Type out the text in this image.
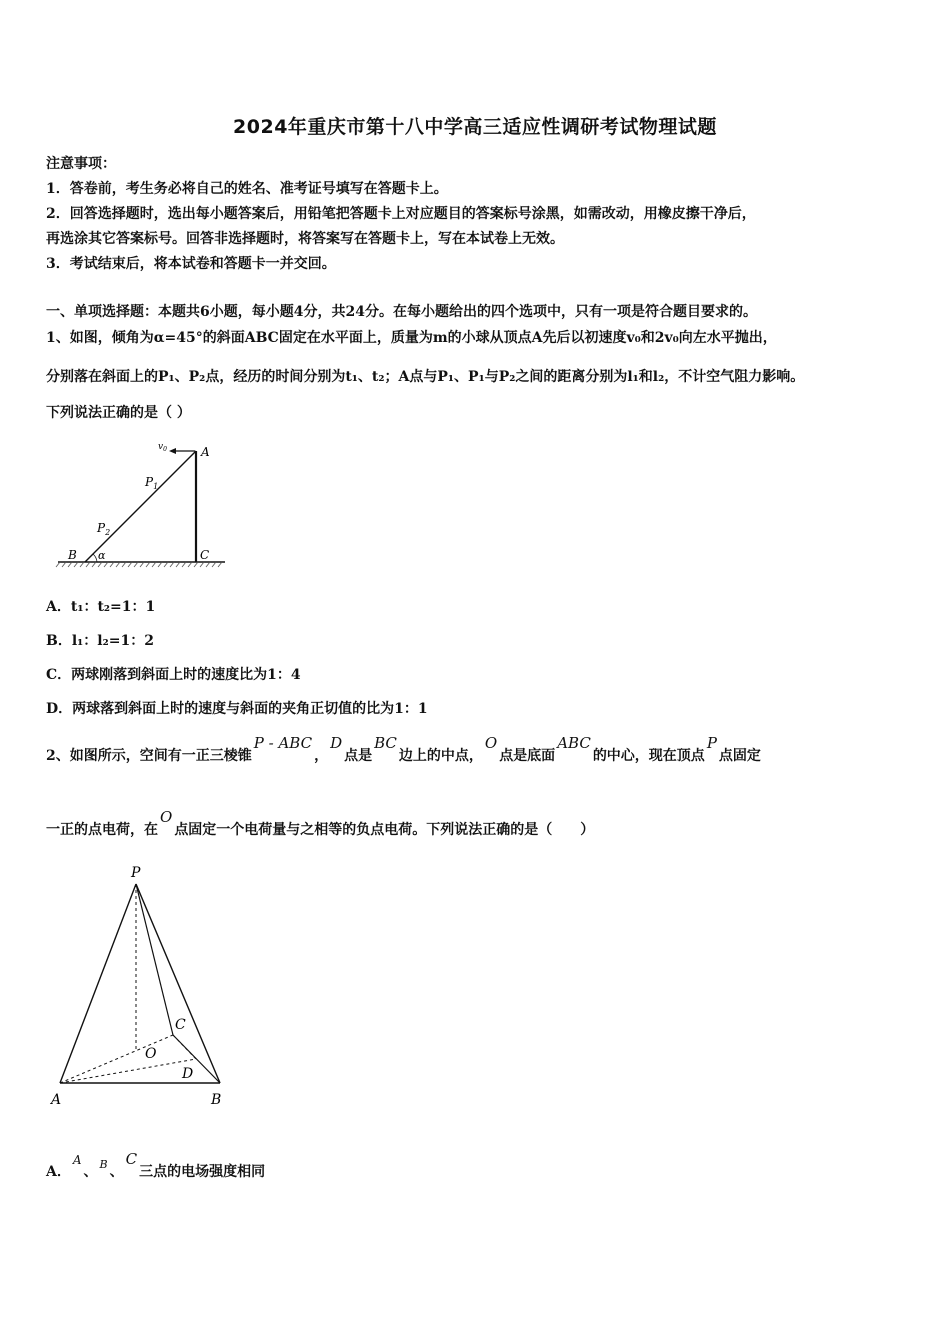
2024年重庆市第十八中学高三适应性调研考试物理试题
注意事项：
1．答卷前，考生务必将自己的姓名、准考证号填写在答题卡上。
2．回答选择题时，选出每小题答案后，用铅笔把答题卡上对应题目的答案标号涂黑，如需改动，用橡皮擦干净后，
再选涂其它答案标号。回答非选择题时，将答案写在答题卡上，写在本试卷上无效。
3．考试结束后，将本试卷和答题卡一并交回。
一、单项选择题：本题共6小题，每小题4分，共24分。在每小题给出的四个选项中，只有一项是符合题目要求的。
1、如图，倾角为α=45°的斜面ABC固定在水平面上，质量为m的小球从顶点A先后以初速度v₀和2v₀向左水平抛出，
分别落在斜面上的P₁、P₂点，经历的时间分别为t₁、t₂；A点与P₁、P₁与P₂之间的距离分别为l₁和l₂，不计空气阻力影响。
下列说法正确的是（ ）
A
B	C
α
$P_1$
$P_2$
$v_0$
A．t₁：t₂=1：1
B．l₁：l₂=1：2
C．两球刚落到斜面上时的速度比为1：4
D．两球落到斜面上时的速度与斜面的夹角正切值的比为1：1
2、如图所示，空间有一正三棱锥P - ABC，D点是BC边上的中点，O点是底面ABC的中心，现在顶点P点固定
一正的点电荷，在O点固定一个电荷量与之相等的负点电荷。下列说法正确的是（　　）
P
A	B
C
O
D
A．A、 $^B$ 、C三点的电场强度相同
